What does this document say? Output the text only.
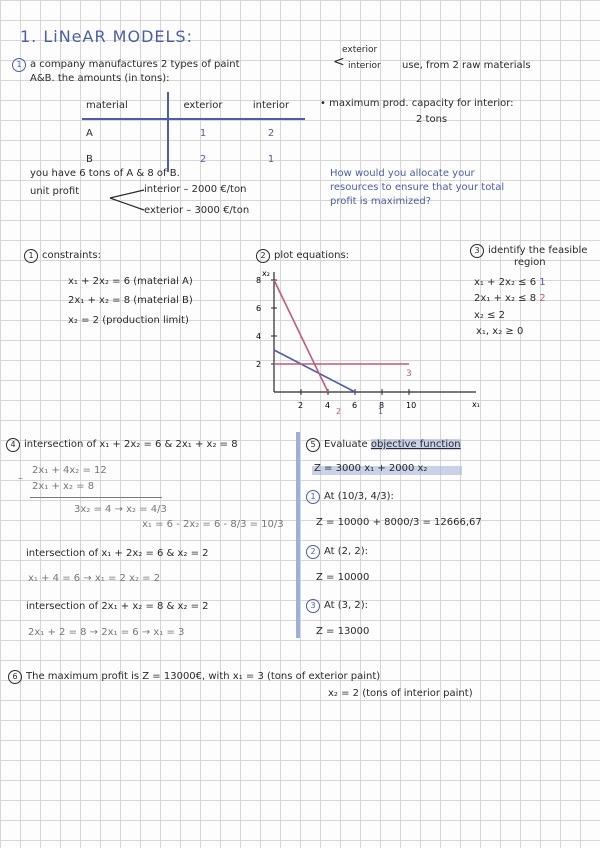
1. LiNeAR MODELS:
1 a company manufactures 2 types of paint
exterior
< interior use, from 2 raw materials
A&B. the amounts (in tons):
material	exterior	interior
A	1	2
B	2	1
• maximum prod. capacity for interior:
2 tons
you have 6 tons of A & 8 of B.
unit profit	interior – 2000 €/ton
exterior – 3000 €/ton
How would you allocate your
resources to ensure that your total
profit is maximized?
1 constraints:
x₁ + 2x₂ = 6 (material A)
2x₁ + x₂ = 8 (material B)
x₂ = 2 (production limit)
2 plot equations:
x₂
x₁
8
6
4
2
2	4	6	8	10
3
2	1
3 identify the feasible
region
x₁ + 2x₂ ≤ 6 1
2x₁ + x₂ ≤ 8 2
x₂ ≤ 2
x₁, x₂ ≥ 0
4 intersection of x₁ + 2x₂ = 6 & 2x₁ + x₂ = 8
–
2x₁ + 4x₂ = 12
2x₁ + x₂ = 8
3x₂ = 4 → x₂ = 4/3
x₁ = 6 - 2x₂ = 6 - 8/3 = 10/3
intersection of x₁ + 2x₂ = 6 & x₂ = 2
x₁ + 4 = 6 → x₁ = 2 x₂ = 2
intersection of 2x₁ + x₂ = 8 & x₂ = 2
2x₁ + 2 = 8 → 2x₁ = 6 → x₁ = 3
5 Evaluate objective function
Z = 3000 x₁ + 2000 x₂
1 At (10/3, 4/3):
Z = 10000 + 8000/3 = 12666,67
2 At (2, 2):
Z = 10000
3 At (3, 2):
Z = 13000
6 The maximum profit is Z = 13000€, with x₁ = 3 (tons of exterior paint)
x₂ = 2 (tons of interior paint)
